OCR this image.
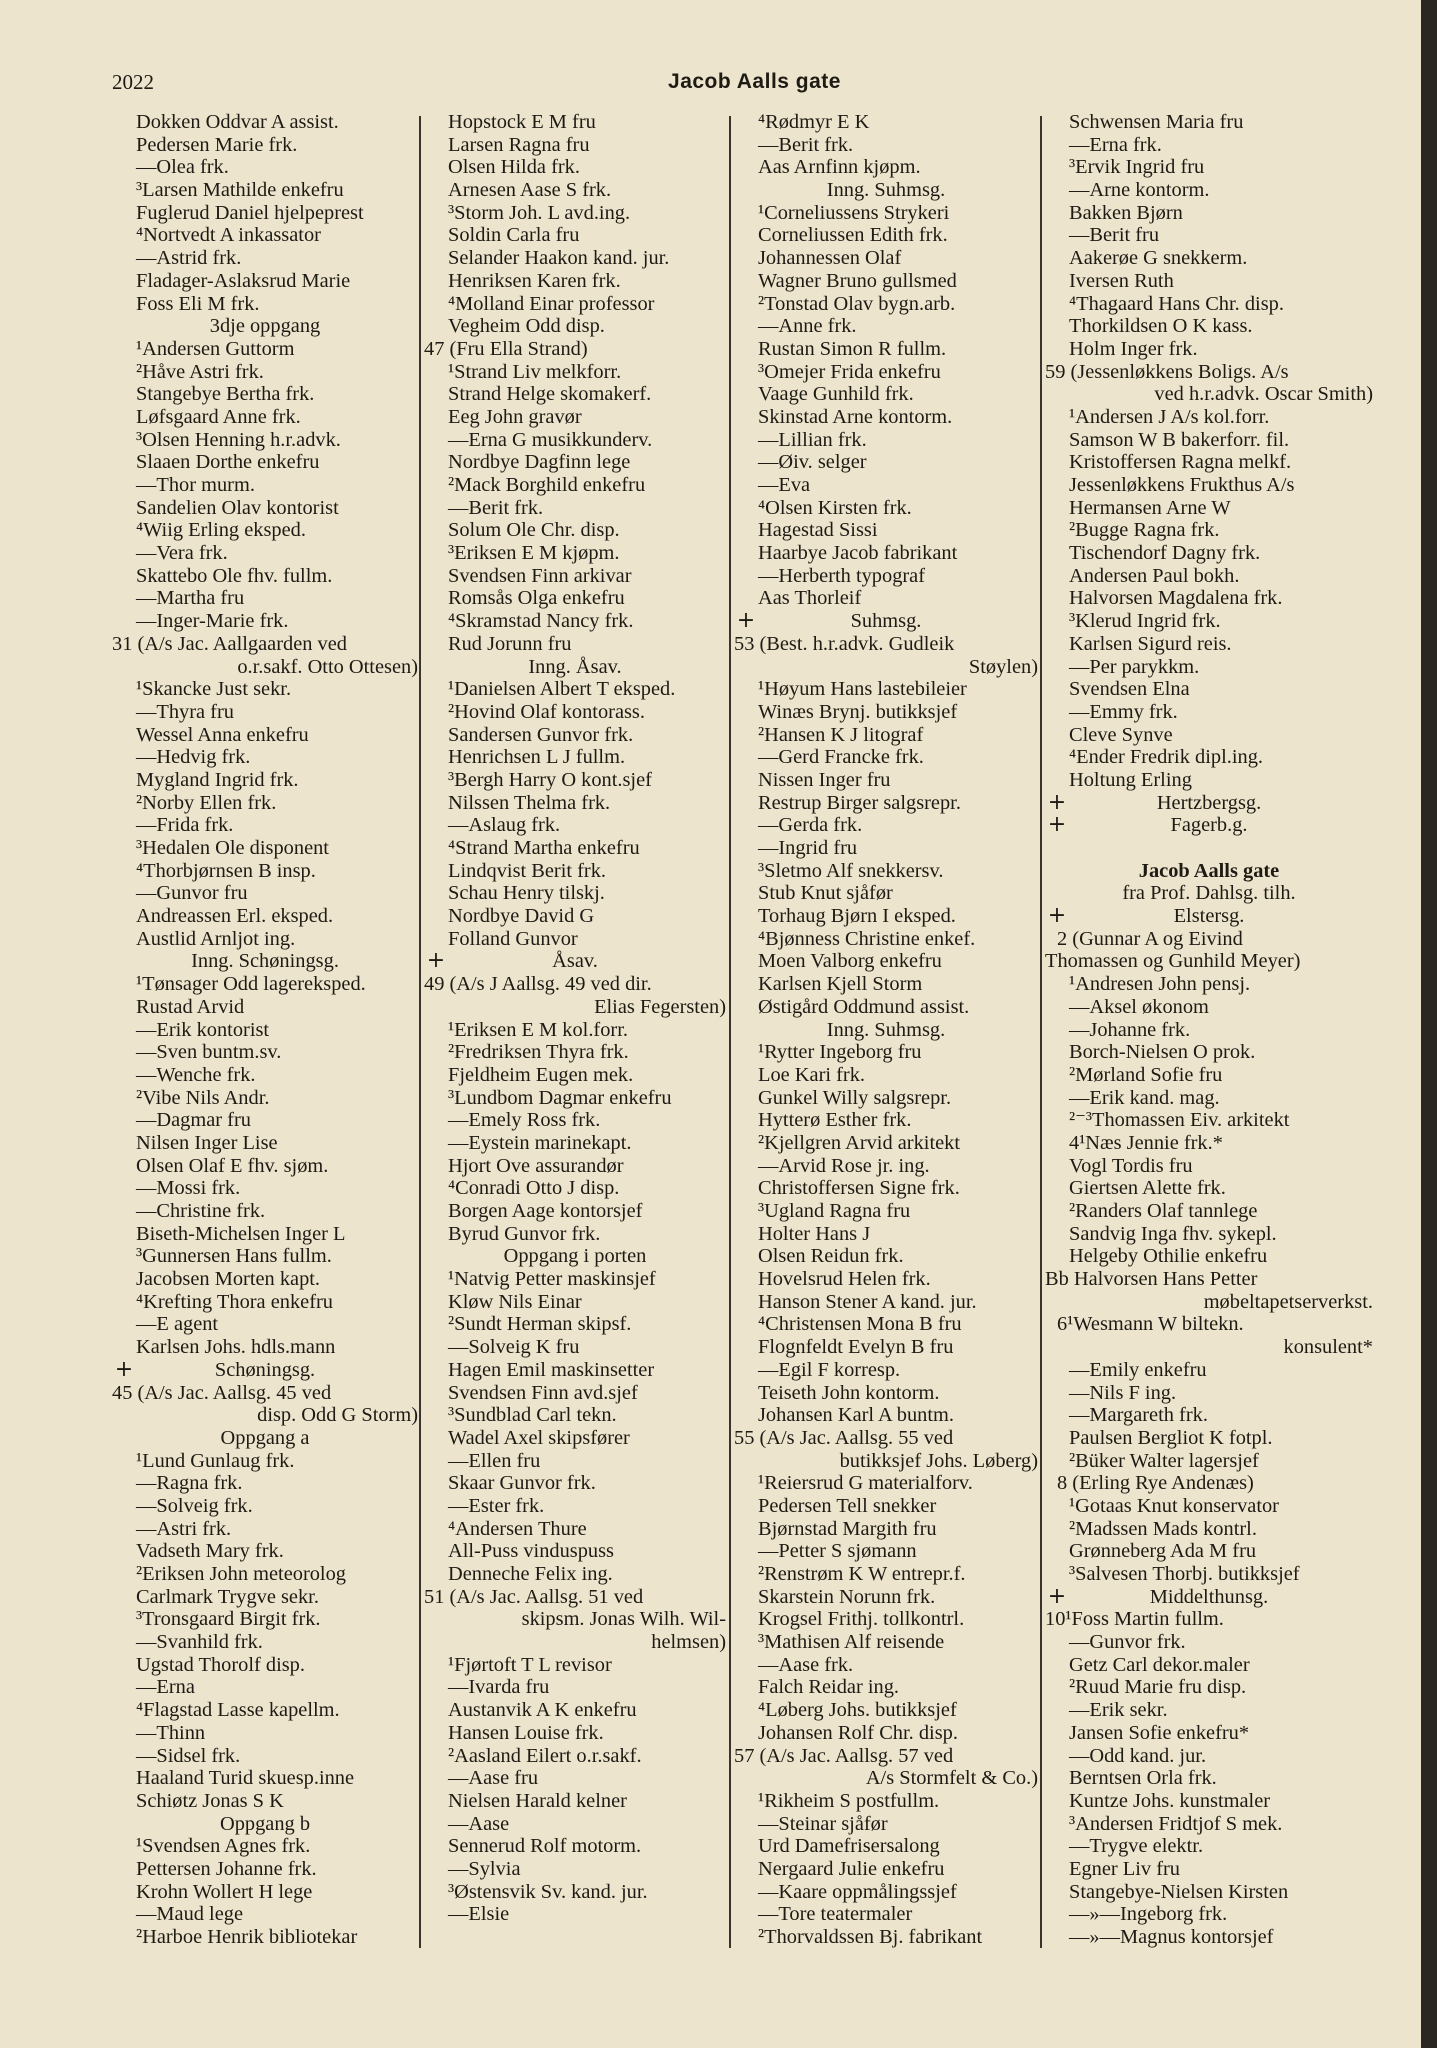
2022	Jacob Aalls gate
Dokken Oddvar A assist.
Pedersen Marie frk.
—Olea frk.
³Larsen Mathilde enkefru
Fuglerud Daniel hjelpeprest
⁴Nortvedt A inkassator
—Astrid frk.
Fladager-Aslaksrud Marie
Foss Eli M frk.
3dje oppgang
¹Andersen Guttorm
²Håve Astri frk.
Stangebye Bertha frk.
Løfsgaard Anne frk.
³Olsen Henning h.r.advk.
Slaaen Dorthe enkefru
—Thor murm.
Sandelien Olav kontorist
⁴Wiig Erling eksped.
—Vera frk.
Skattebo Ole fhv. fullm.
—Martha fru
—Inger-Marie frk.
31 (A/s Jac. Aallgaarden ved
o.r.sakf. Otto Ottesen)
¹Skancke Just sekr.
—Thyra fru
Wessel Anna enkefru
—Hedvig frk.
Mygland Ingrid frk.
²Norby Ellen frk.
—Frida frk.
³Hedalen Ole disponent
⁴Thorbjørnsen B insp.
—Gunvor fru
Andreassen Erl. eksped.
Austlid Arnljot ing.
Inng. Schøningsg.
¹Tønsager Odd lagereksped.
Rustad Arvid
—Erik kontorist
—Sven buntm.sv.
—Wenche frk.
²Vibe Nils Andr.
—Dagmar fru
Nilsen Inger Lise
Olsen Olaf E fhv. sjøm.
—Mossi frk.
—Christine frk.
Biseth-Michelsen Inger L
³Gunnersen Hans fullm.
Jacobsen Morten kapt.
⁴Krefting Thora enkefru
—E agent
Karlsen Johs. hdls.mann
+	Schøningsg.
45 (A/s Jac. Aallsg. 45 ved
disp. Odd G Storm)
Oppgang a
¹Lund Gunlaug frk.
—Ragna frk.
—Solveig frk.
—Astri frk.
Vadseth Mary frk.
²Eriksen John meteorolog
Carlmark Trygve sekr.
³Tronsgaard Birgit frk.
—Svanhild frk.
Ugstad Thorolf disp.
—Erna
⁴Flagstad Lasse kapellm.
—Thinn
—Sidsel frk.
Haaland Turid skuesp.inne
Schiøtz Jonas S K
Oppgang b
¹Svendsen Agnes frk.
Pettersen Johanne frk.
Krohn Wollert H lege
—Maud lege
²Harboe Henrik bibliotekar
Hopstock E M fru
Larsen Ragna fru
Olsen Hilda frk.
Arnesen Aase S frk.
³Storm Joh. L avd.ing.
Soldin Carla fru
Selander Haakon kand. jur.
Henriksen Karen frk.
⁴Molland Einar professor
Vegheim Odd disp.
47 (Fru Ella Strand)
¹Strand Liv melkforr.
Strand Helge skomakerf.
Eeg John gravør
—Erna G musikkunderv.
Nordbye Dagfinn lege
²Mack Borghild enkefru
—Berit frk.
Solum Ole Chr. disp.
³Eriksen E M kjøpm.
Svendsen Finn arkivar
Romsås Olga enkefru
⁴Skramstad Nancy frk.
Rud Jorunn fru
Inng. Åsav.
¹Danielsen Albert T eksped.
²Hovind Olaf kontorass.
Sandersen Gunvor frk.
Henrichsen L J fullm.
³Bergh Harry O kont.sjef
Nilssen Thelma frk.
—Aslaug frk.
⁴Strand Martha enkefru
Lindqvist Berit frk.
Schau Henry tilskj.
Nordbye David G
Folland Gunvor
+	Åsav.
49 (A/s J Aallsg. 49 ved dir.
Elias Fegersten)
¹Eriksen E M kol.forr.
²Fredriksen Thyra frk.
Fjeldheim Eugen mek.
³Lundbom Dagmar enkefru
—Emely Ross frk.
—Eystein marinekapt.
Hjort Ove assurandør
⁴Conradi Otto J disp.
Borgen Aage kontorsjef
Byrud Gunvor frk.
Oppgang i porten
¹Natvig Petter maskinsjef
Kløw Nils Einar
²Sundt Herman skipsf.
—Solveig K fru
Hagen Emil maskinsetter
Svendsen Finn avd.sjef
³Sundblad Carl tekn.
Wadel Axel skipsfører
—Ellen fru
Skaar Gunvor frk.
—Ester frk.
⁴Andersen Thure
All-Puss vinduspuss
Denneche Felix ing.
51 (A/s Jac. Aallsg. 51 ved
skipsm. Jonas Wilh. Wil-
helmsen)
¹Fjørtoft T L revisor
—Ivarda fru
Austanvik A K enkefru
Hansen Louise frk.
²Aasland Eilert o.r.sakf.
—Aase fru
Nielsen Harald kelner
—Aase
Sennerud Rolf motorm.
—Sylvia
³Østensvik Sv. kand. jur.
—Elsie
⁴Rødmyr E K
—Berit frk.
Aas Arnfinn kjøpm.
Inng. Suhmsg.
¹Corneliussens Strykeri
Corneliussen Edith frk.
Johannessen Olaf
Wagner Bruno gullsmed
²Tonstad Olav bygn.arb.
—Anne frk.
Rustan Simon R fullm.
³Omejer Frida enkefru
Vaage Gunhild frk.
Skinstad Arne kontorm.
—Lillian frk.
—Øiv. selger
—Eva
⁴Olsen Kirsten frk.
Hagestad Sissi
Haarbye Jacob fabrikant
—Herberth typograf
Aas Thorleif
+	Suhmsg.
53 (Best. h.r.advk. Gudleik
Støylen)
¹Høyum Hans lastebileier
Winæs Brynj. butikksjef
²Hansen K J litograf
—Gerd Francke frk.
Nissen Inger fru
Restrup Birger salgsrepr.
—Gerda frk.
—Ingrid fru
³Sletmo Alf snekkersv.
Stub Knut sjåfør
Torhaug Bjørn I eksped.
⁴Bjønness Christine enkef.
Moen Valborg enkefru
Karlsen Kjell Storm
Østigård Oddmund assist.
Inng. Suhmsg.
¹Rytter Ingeborg fru
Loe Kari frk.
Gunkel Willy salgsrepr.
Hytterø Esther frk.
²Kjellgren Arvid arkitekt
—Arvid Rose jr. ing.
Christoffersen Signe frk.
³Ugland Ragna fru
Holter Hans J
Olsen Reidun frk.
Hovelsrud Helen frk.
Hanson Stener A kand. jur.
⁴Christensen Mona B fru
Flognfeldt Evelyn B fru
—Egil F korresp.
Teiseth John kontorm.
Johansen Karl A buntm.
55 (A/s Jac. Aallsg. 55 ved
butikksjef Johs. Løberg)
¹Reiersrud G materialforv.
Pedersen Tell snekker
Bjørnstad Margith fru
—Petter S sjømann
²Renstrøm K W entrepr.f.
Skarstein Norunn frk.
Krogsel Frithj. tollkontrl.
³Mathisen Alf reisende
—Aase frk.
Falch Reidar ing.
⁴Løberg Johs. butikksjef
Johansen Rolf Chr. disp.
57 (A/s Jac. Aallsg. 57 ved
A/s Stormfelt & Co.)
¹Rikheim S postfullm.
—Steinar sjåfør
Urd Damefrisersalong
Nergaard Julie enkefru
—Kaare oppmålingssjef
—Tore teatermaler
²Thorvaldssen Bj. fabrikant
Schwensen Maria fru
—Erna frk.
³Ervik Ingrid fru
—Arne kontorm.
Bakken Bjørn
—Berit fru
Aakerøe G snekkerm.
Iversen Ruth
⁴Thagaard Hans Chr. disp.
Thorkildsen O K kass.
Holm Inger frk.
59 (Jessenløkkens Boligs. A/s
ved h.r.advk. Oscar Smith)
¹Andersen J A/s kol.forr.
Samson W B bakerforr. fil.
Kristoffersen Ragna melkf.
Jessenløkkens Frukthus A/s
Hermansen Arne W
²Bugge Ragna frk.
Tischendorf Dagny frk.
Andersen Paul bokh.
Halvorsen Magdalena frk.
³Klerud Ingrid frk.
Karlsen Sigurd reis.
—Per parykkm.
Svendsen Elna
—Emmy frk.
Cleve Synve
⁴Ender Fredrik dipl.ing.
Holtung Erling
+	Hertzbergsg.
+	Fagerb.g.
Jacob Aalls gate
fra Prof. Dahlsg. tilh.
+	Elstersg.
2 (Gunnar A og Eivind
Thomassen og Gunhild Meyer)
¹Andresen John pensj.
—Aksel økonom
—Johanne frk.
Borch-Nielsen O prok.
²Mørland Sofie fru
—Erik kand. mag.
²⁻³Thomassen Eiv. arkitekt
4¹Næs Jennie frk.*
Vogl Tordis fru
Giertsen Alette frk.
²Randers Olaf tannlege
Sandvig Inga fhv. sykepl.
Helgeby Othilie enkefru
Bb Halvorsen Hans Petter
møbeltapetserverkst.
6¹Wesmann W biltekn.
konsulent*
—Emily enkefru
—Nils F ing.
—Margareth frk.
Paulsen Bergliot K fotpl.
²Büker Walter lagersjef
8 (Erling Rye Andenæs)
¹Gotaas Knut konservator
²Madssen Mads kontrl.
Grønneberg Ada M fru
³Salvesen Thorbj. butikksjef
+	Middelthunsg.
10¹Foss Martin fullm.
—Gunvor frk.
Getz Carl dekor.maler
²Ruud Marie fru disp.
—Erik sekr.
Jansen Sofie enkefru*
—Odd kand. jur.
Berntsen Orla frk.
Kuntze Johs. kunstmaler
³Andersen Fridtjof S mek.
—Trygve elektr.
Egner Liv fru
Stangebye-Nielsen Kirsten
—»—Ingeborg frk.
—»—Magnus kontorsjef
